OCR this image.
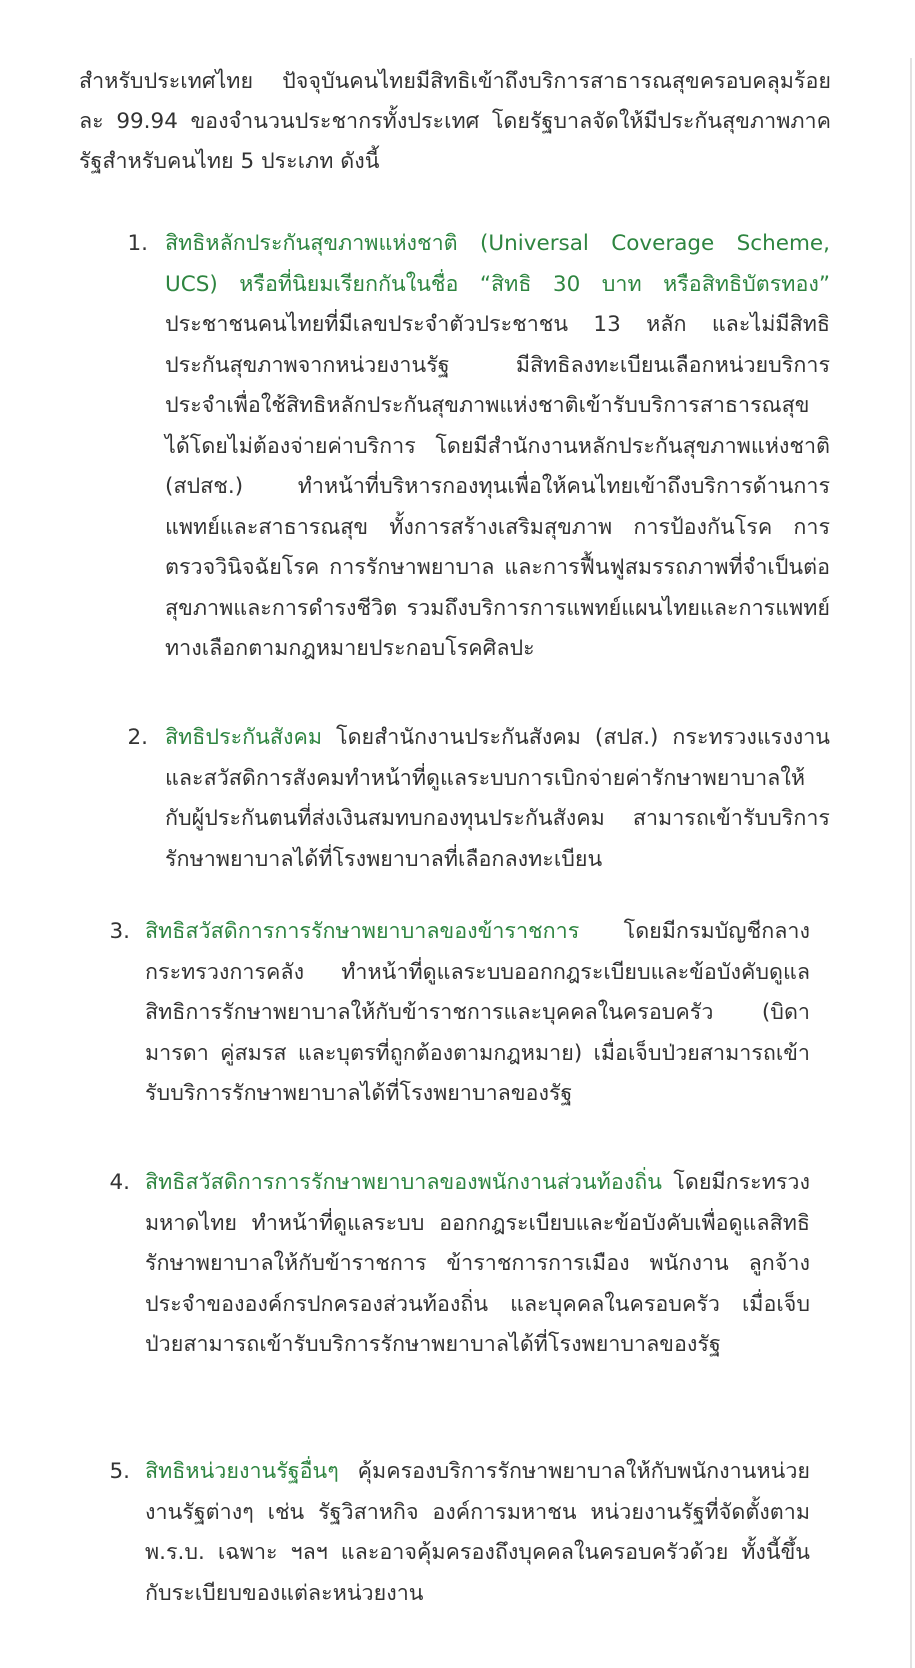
สำหรับประเทศไทย ปัจจุบันคนไทยมีสิทธิเข้าถึงบริการสาธารณสุขครอบคลุมร้อยละ 99.94 ของจำนวนประชากรทั้งประเทศ โดยรัฐบาลจัดให้มีประกันสุขภาพภาครัฐสำหรับคนไทย 5 ประเภท ดังนี้

1. สิทธิหลักประกันสุขภาพแห่งชาติ (Universal Coverage Scheme, UCS) หรือที่นิยมเรียกกันในชื่อ “สิทธิ 30 บาท หรือสิทธิบัตรทอง” ประชาชนคนไทยที่มีเลขประจำตัวประชาชน 13 หลัก และไม่มีสิทธิประกันสุขภาพจากหน่วยงานรัฐ มีสิทธิลงทะเบียนเลือกหน่วยบริการประจำเพื่อใช้สิทธิหลักประกันสุขภาพแห่งชาติเข้ารับบริการสาธารณสุขได้โดยไม่ต้องจ่ายค่าบริการ โดยมีสำนักงานหลักประกันสุขภาพแห่งชาติ (สปสช.) ทำหน้าที่บริหารกองทุนเพื่อให้คนไทยเข้าถึงบริการด้านการแพทย์และสาธารณสุข ทั้งการสร้างเสริมสุขภาพ การป้องกันโรค การตรวจวินิจฉัยโรค การรักษาพยาบาล และการฟื้นฟูสมรรถภาพที่จำเป็นต่อสุขภาพและการดำรงชีวิต รวมถึงบริการการแพทย์แผนไทยและการแพทย์ทางเลือกตามกฎหมายประกอบโรคศิลปะ
2. สิทธิประกันสังคม โดยสำนักงานประกันสังคม (สปส.) กระทรวงแรงงานและสวัสดิการสังคมทำหน้าที่ดูแลระบบการเบิกจ่ายค่ารักษาพยาบาลให้กับผู้ประกันตนที่ส่งเงินสมทบกองทุนประกันสังคม สามารถเข้ารับบริการรักษาพยาบาลได้ที่โรงพยาบาลที่เลือกลงทะเบียน
3. สิทธิสวัสดิการการรักษาพยาบาลของข้าราชการ โดยมีกรมบัญชีกลางกระทรวงการคลัง ทำหน้าที่ดูแลระบบออกกฎระเบียบและข้อบังคับดูแลสิทธิการรักษาพยาบาลให้กับข้าราชการและบุคคลในครอบครัว (บิดา มารดา คู่สมรส และบุตรที่ถูกต้องตามกฎหมาย) เมื่อเจ็บป่วยสามารถเข้ารับบริการรักษาพยาบาลได้ที่โรงพยาบาลของรัฐ
4. สิทธิสวัสดิการการรักษาพยาบาลของพนักงานส่วนท้องถิ่น โดยมีกระทรวงมหาดไทย ทำหน้าที่ดูแลระบบ ออกกฎระเบียบและข้อบังคับเพื่อดูแลสิทธิรักษาพยาบาลให้กับข้าราชการ ข้าราชการการเมือง พนักงาน ลูกจ้างประจำขององค์กรปกครองส่วนท้องถิ่น และบุคคลในครอบครัว เมื่อเจ็บป่วยสามารถเข้ารับบริการรักษาพยาบาลได้ที่โรงพยาบาลของรัฐ
5. สิทธิหน่วยงานรัฐอื่นๆ คุ้มครองบริการรักษาพยาบาลให้กับพนักงานหน่วยงานรัฐต่างๆ เช่น รัฐวิสาหกิจ องค์การมหาชน หน่วยงานรัฐที่จัดตั้งตาม พ.ร.บ. เฉพาะ ฯลฯ และอาจคุ้มครองถึงบุคคลในครอบครัวด้วย ทั้งนี้ขึ้นกับระเบียบของแต่ละหน่วยงาน
